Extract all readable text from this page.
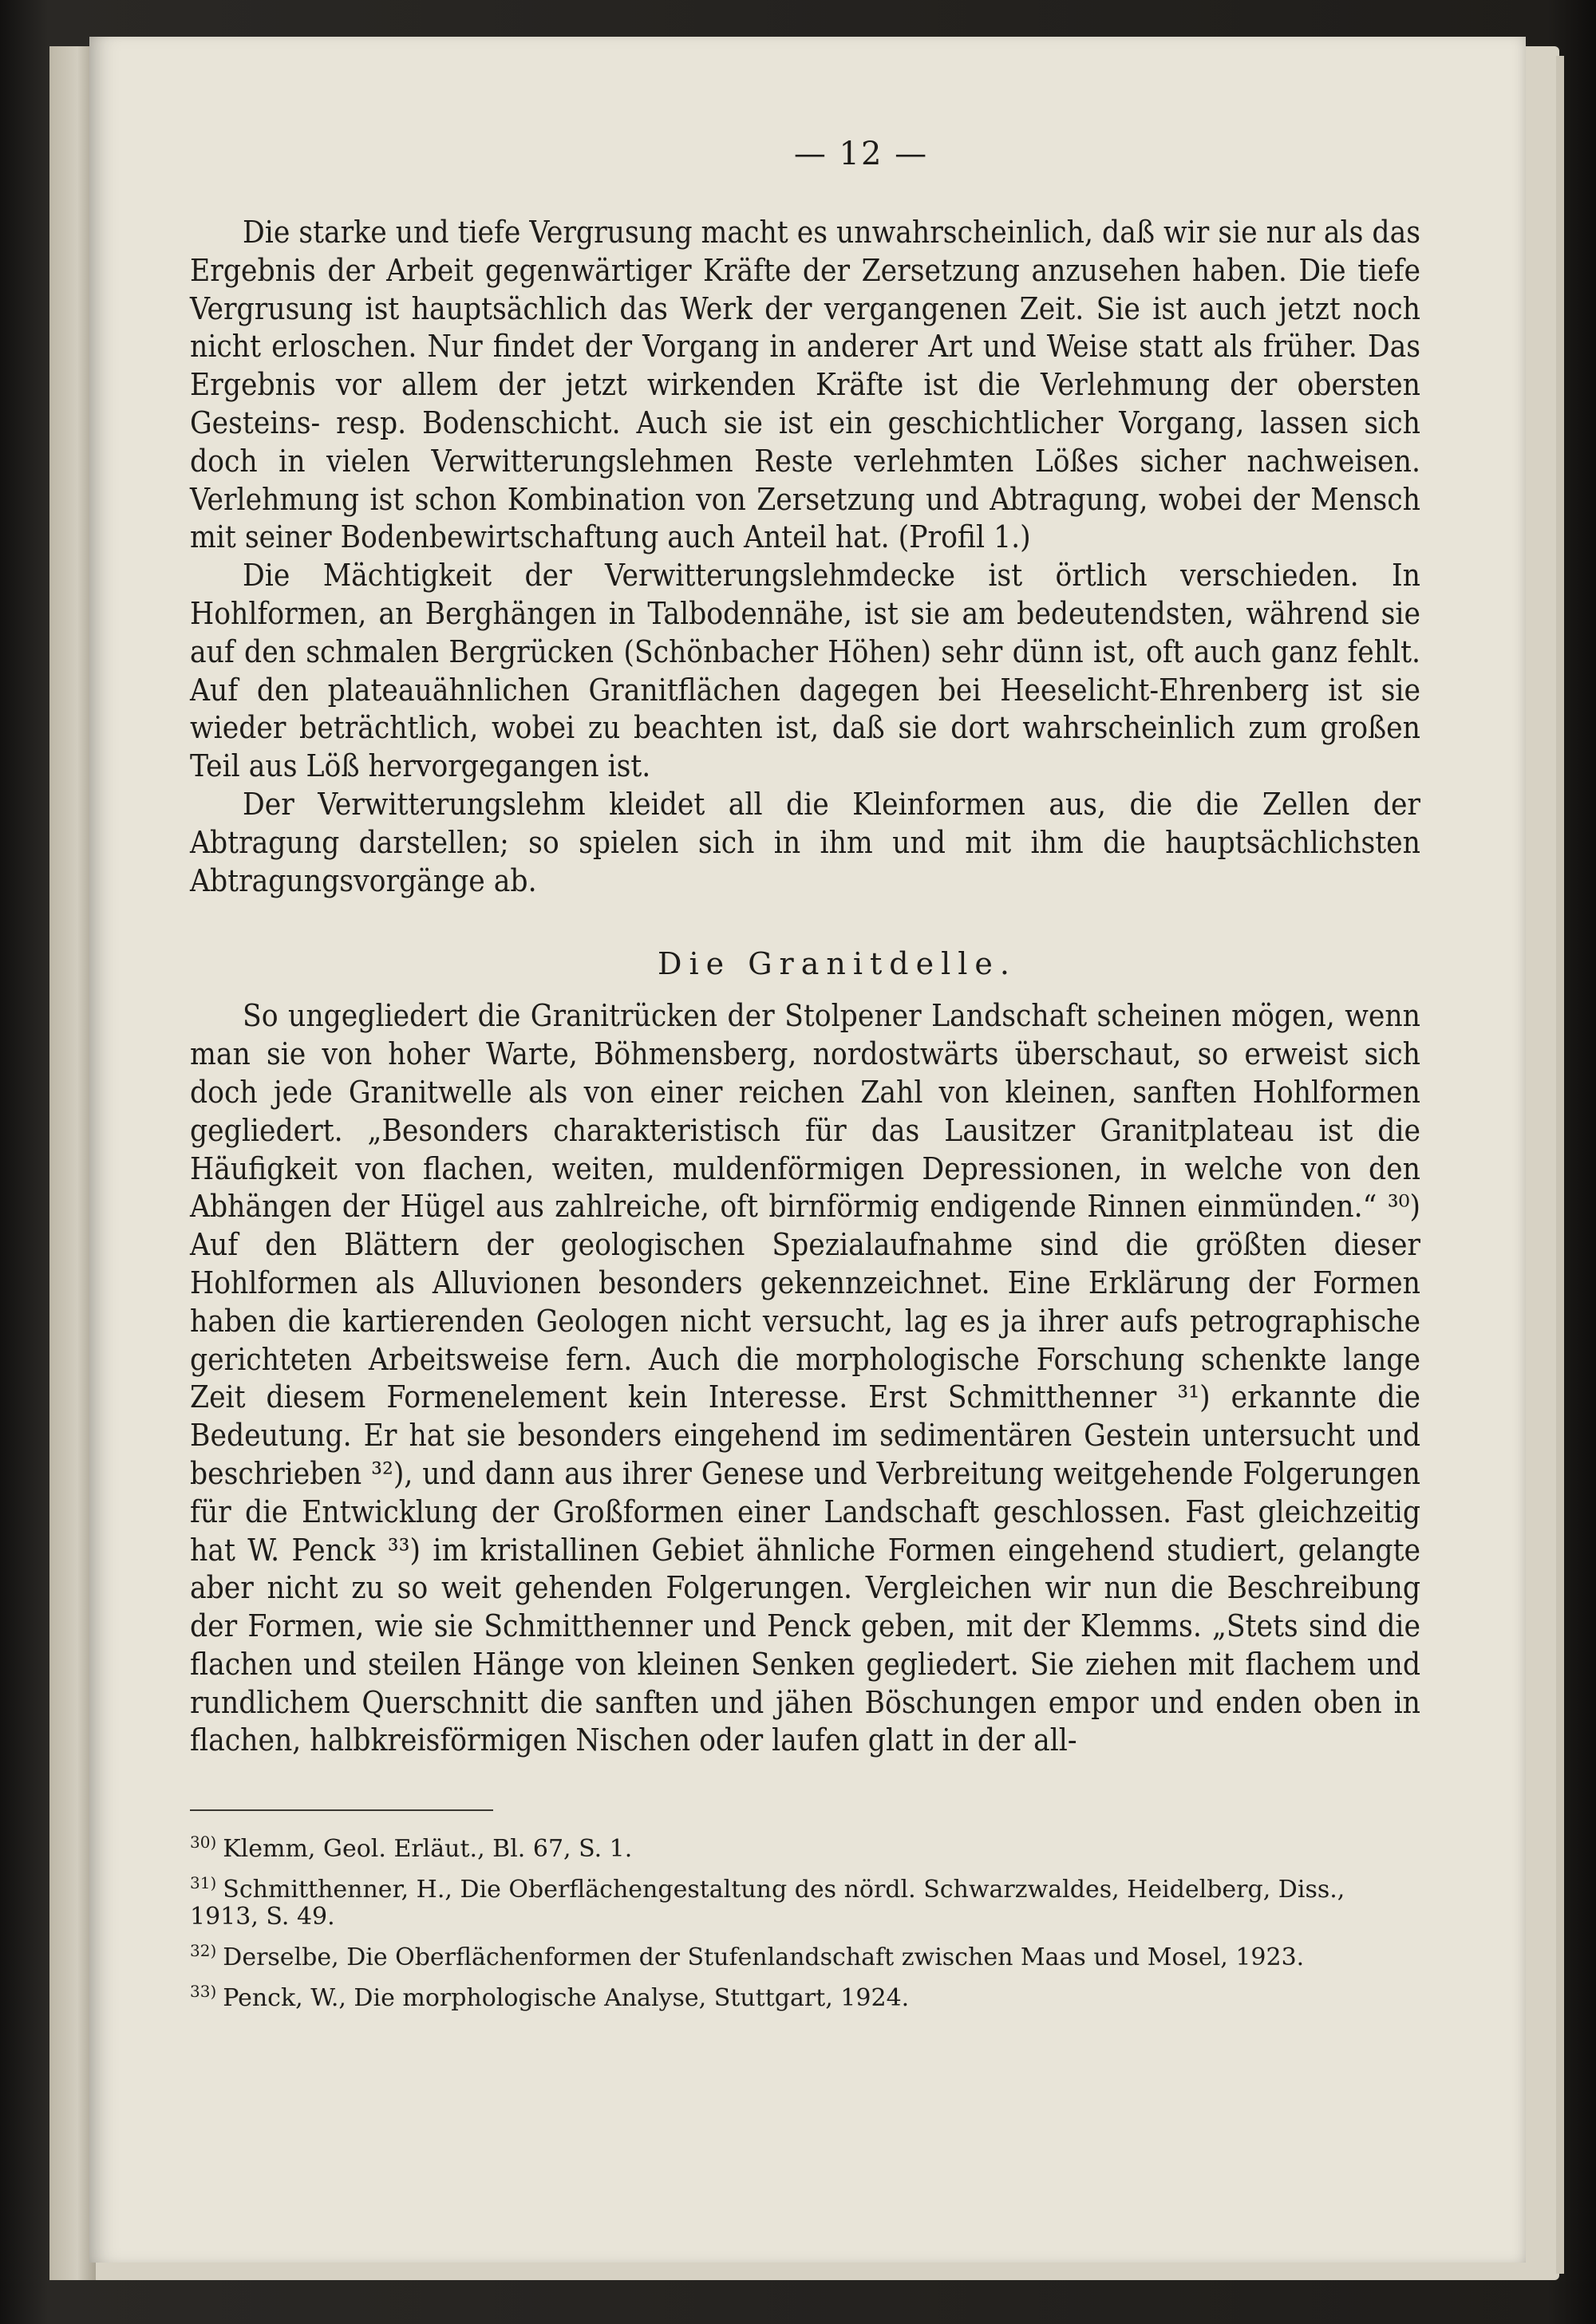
— 12 —

Die starke und tiefe Vergrusung macht es unwahrscheinlich, daß wir sie nur als das Ergebnis der Arbeit gegenwärtiger Kräfte der Zersetzung anzusehen haben. Die tiefe Vergrusung ist hauptsächlich das Werk der vergangenen Zeit. Sie ist auch jetzt noch nicht erloschen. Nur findet der Vorgang in anderer Art und Weise statt als früher. Das Ergebnis vor allem der jetzt wirkenden Kräfte ist die Verlehmung der obersten Gesteins- resp. Bodenschicht. Auch sie ist ein geschichtlicher Vorgang, lassen sich doch in vielen Verwitterungslehmen Reste verlehmten Lößes sicher nachweisen. Verlehmung ist schon Kombination von Zersetzung und Abtragung, wobei der Mensch mit seiner Bodenbewirtschaftung auch Anteil hat. (Profil 1.)

Die Mächtigkeit der Verwitterungslehmdecke ist örtlich verschieden. In Hohlformen, an Berghängen in Talbodennähe, ist sie am bedeutendsten, während sie auf den schmalen Bergrücken (Schönbacher Höhen) sehr dünn ist, oft auch ganz fehlt. Auf den plateauähnlichen Granitflächen dagegen bei Heeselicht-Ehrenberg ist sie wieder beträchtlich, wobei zu beachten ist, daß sie dort wahrscheinlich zum großen Teil aus Löß hervorgegangen ist.

Der Verwitterungslehm kleidet all die Kleinformen aus, die die Zellen der Abtragung darstellen; so spielen sich in ihm und mit ihm die hauptsächlichsten Abtragungsvorgänge ab.

Die Granitdelle.

So ungegliedert die Granitrücken der Stolpener Landschaft scheinen mögen, wenn man sie von hoher Warte, Böhmensberg, nordostwärts überschaut, so erweist sich doch jede Granitwelle als von einer reichen Zahl von kleinen, sanften Hohlformen gegliedert. „Besonders charakteristisch für das Lausitzer Granitplateau ist die Häufigkeit von flachen, weiten, muldenförmigen Depressionen, in welche von den Abhängen der Hügel aus zahlreiche, oft birnförmig endigende Rinnen einmünden.“ ³⁰) Auf den Blättern der geologischen Spezialaufnahme sind die größten dieser Hohlformen als Alluvionen besonders gekennzeichnet. Eine Erklärung der Formen haben die kartierenden Geologen nicht versucht, lag es ja ihrer aufs petrographische gerichteten Arbeitsweise fern. Auch die morphologische Forschung schenkte lange Zeit diesem Formenelement kein Interesse. Erst Schmitthenner ³¹) erkannte die Bedeutung. Er hat sie besonders eingehend im sedimentären Gestein untersucht und beschrieben ³²), und dann aus ihrer Genese und Verbreitung weitgehende Folgerungen für die Entwicklung der Großformen einer Landschaft geschlossen. Fast gleichzeitig hat W. Penck ³³) im kristallinen Gebiet ähnliche Formen eingehend studiert, gelangte aber nicht zu so weit gehenden Folgerungen. Vergleichen wir nun die Beschreibung der Formen, wie sie Schmitthenner und Penck geben, mit der Klemms. „Stets sind die flachen und steilen Hänge von kleinen Senken gegliedert. Sie ziehen mit flachem und rundlichem Querschnitt die sanften und jähen Böschungen empor und enden oben in flachen, halbkreisförmigen Nischen oder laufen glatt in der all-

$^{30)}$ Klemm, Geol. Erläut., Bl. 67, S. 1.
$^{31)}$ Schmitthenner, H., Die Oberflächengestaltung des nördl. Schwarzwaldes, Heidelberg, Diss., 1913, S. 49.
$^{32)}$ Derselbe, Die Oberflächenformen der Stufenlandschaft zwischen Maas und Mosel, 1923.
$^{33)}$ Penck, W., Die morphologische Analyse, Stuttgart, 1924.
